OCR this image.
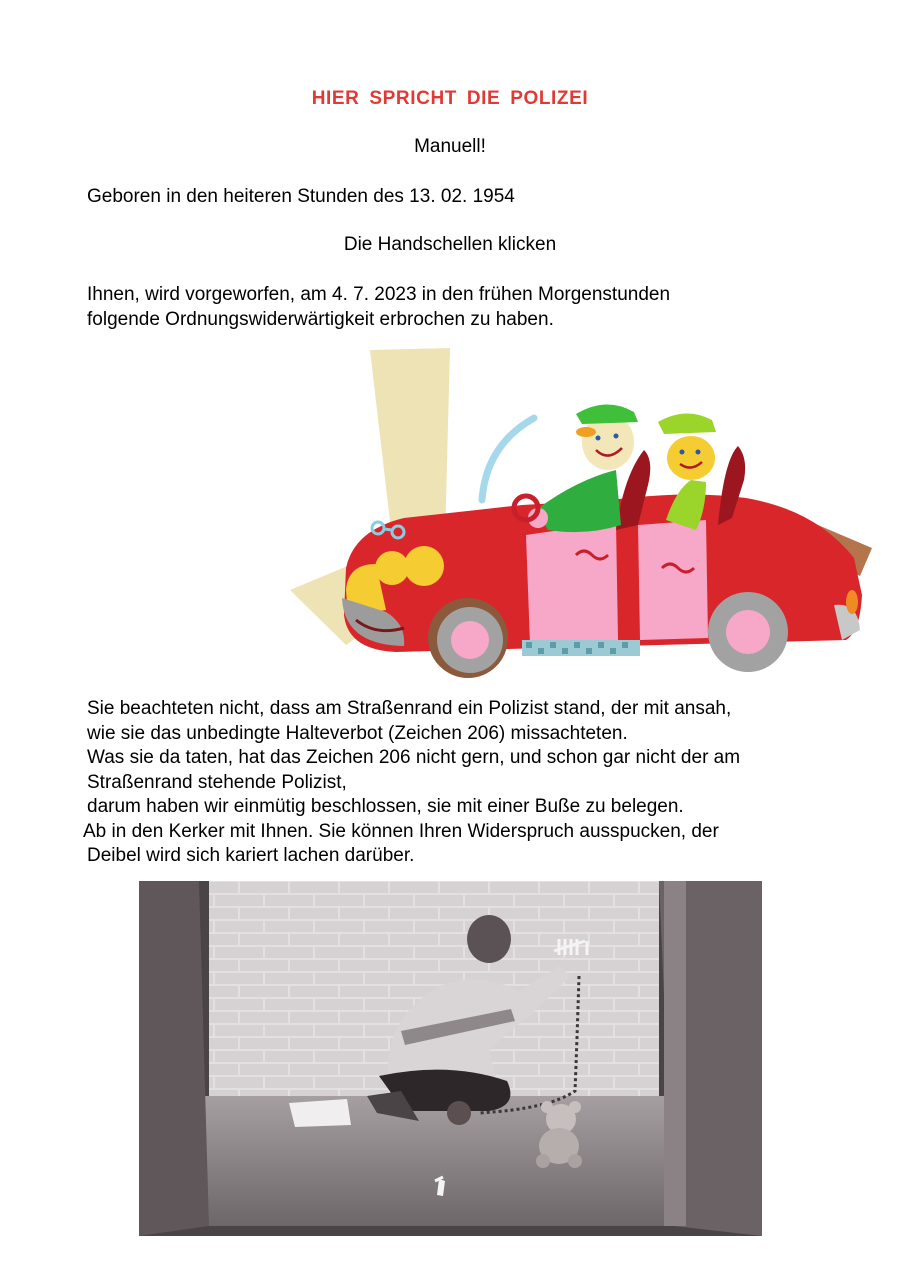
HIER SPRICHT DIE POLIZEI
Manuell!
Geboren in den heiteren Stunden des 13. 02. 1954
Die Handschellen klicken
Ihnen, wird vorgeworfen, am 4. 7. 2023 in den frühen Morgenstunden
folgende Ordnungswiderwärtigkeit erbrochen zu haben.
Sie beachteten nicht, dass am Straßenrand ein Polizist stand, der mit ansah,
wie sie das unbedingte Halteverbot (Zeichen 206) missachteten.
Was sie da taten, hat das Zeichen 206 nicht gern, und schon gar nicht der am
Straßenrand stehende Polizist,
darum haben wir einmütig beschlossen, sie mit einer Buße zu belegen.
Ab in den Kerker mit Ihnen. Sie können Ihren Widerspruch ausspucken, der
Deibel wird sich kariert lachen darüber.
